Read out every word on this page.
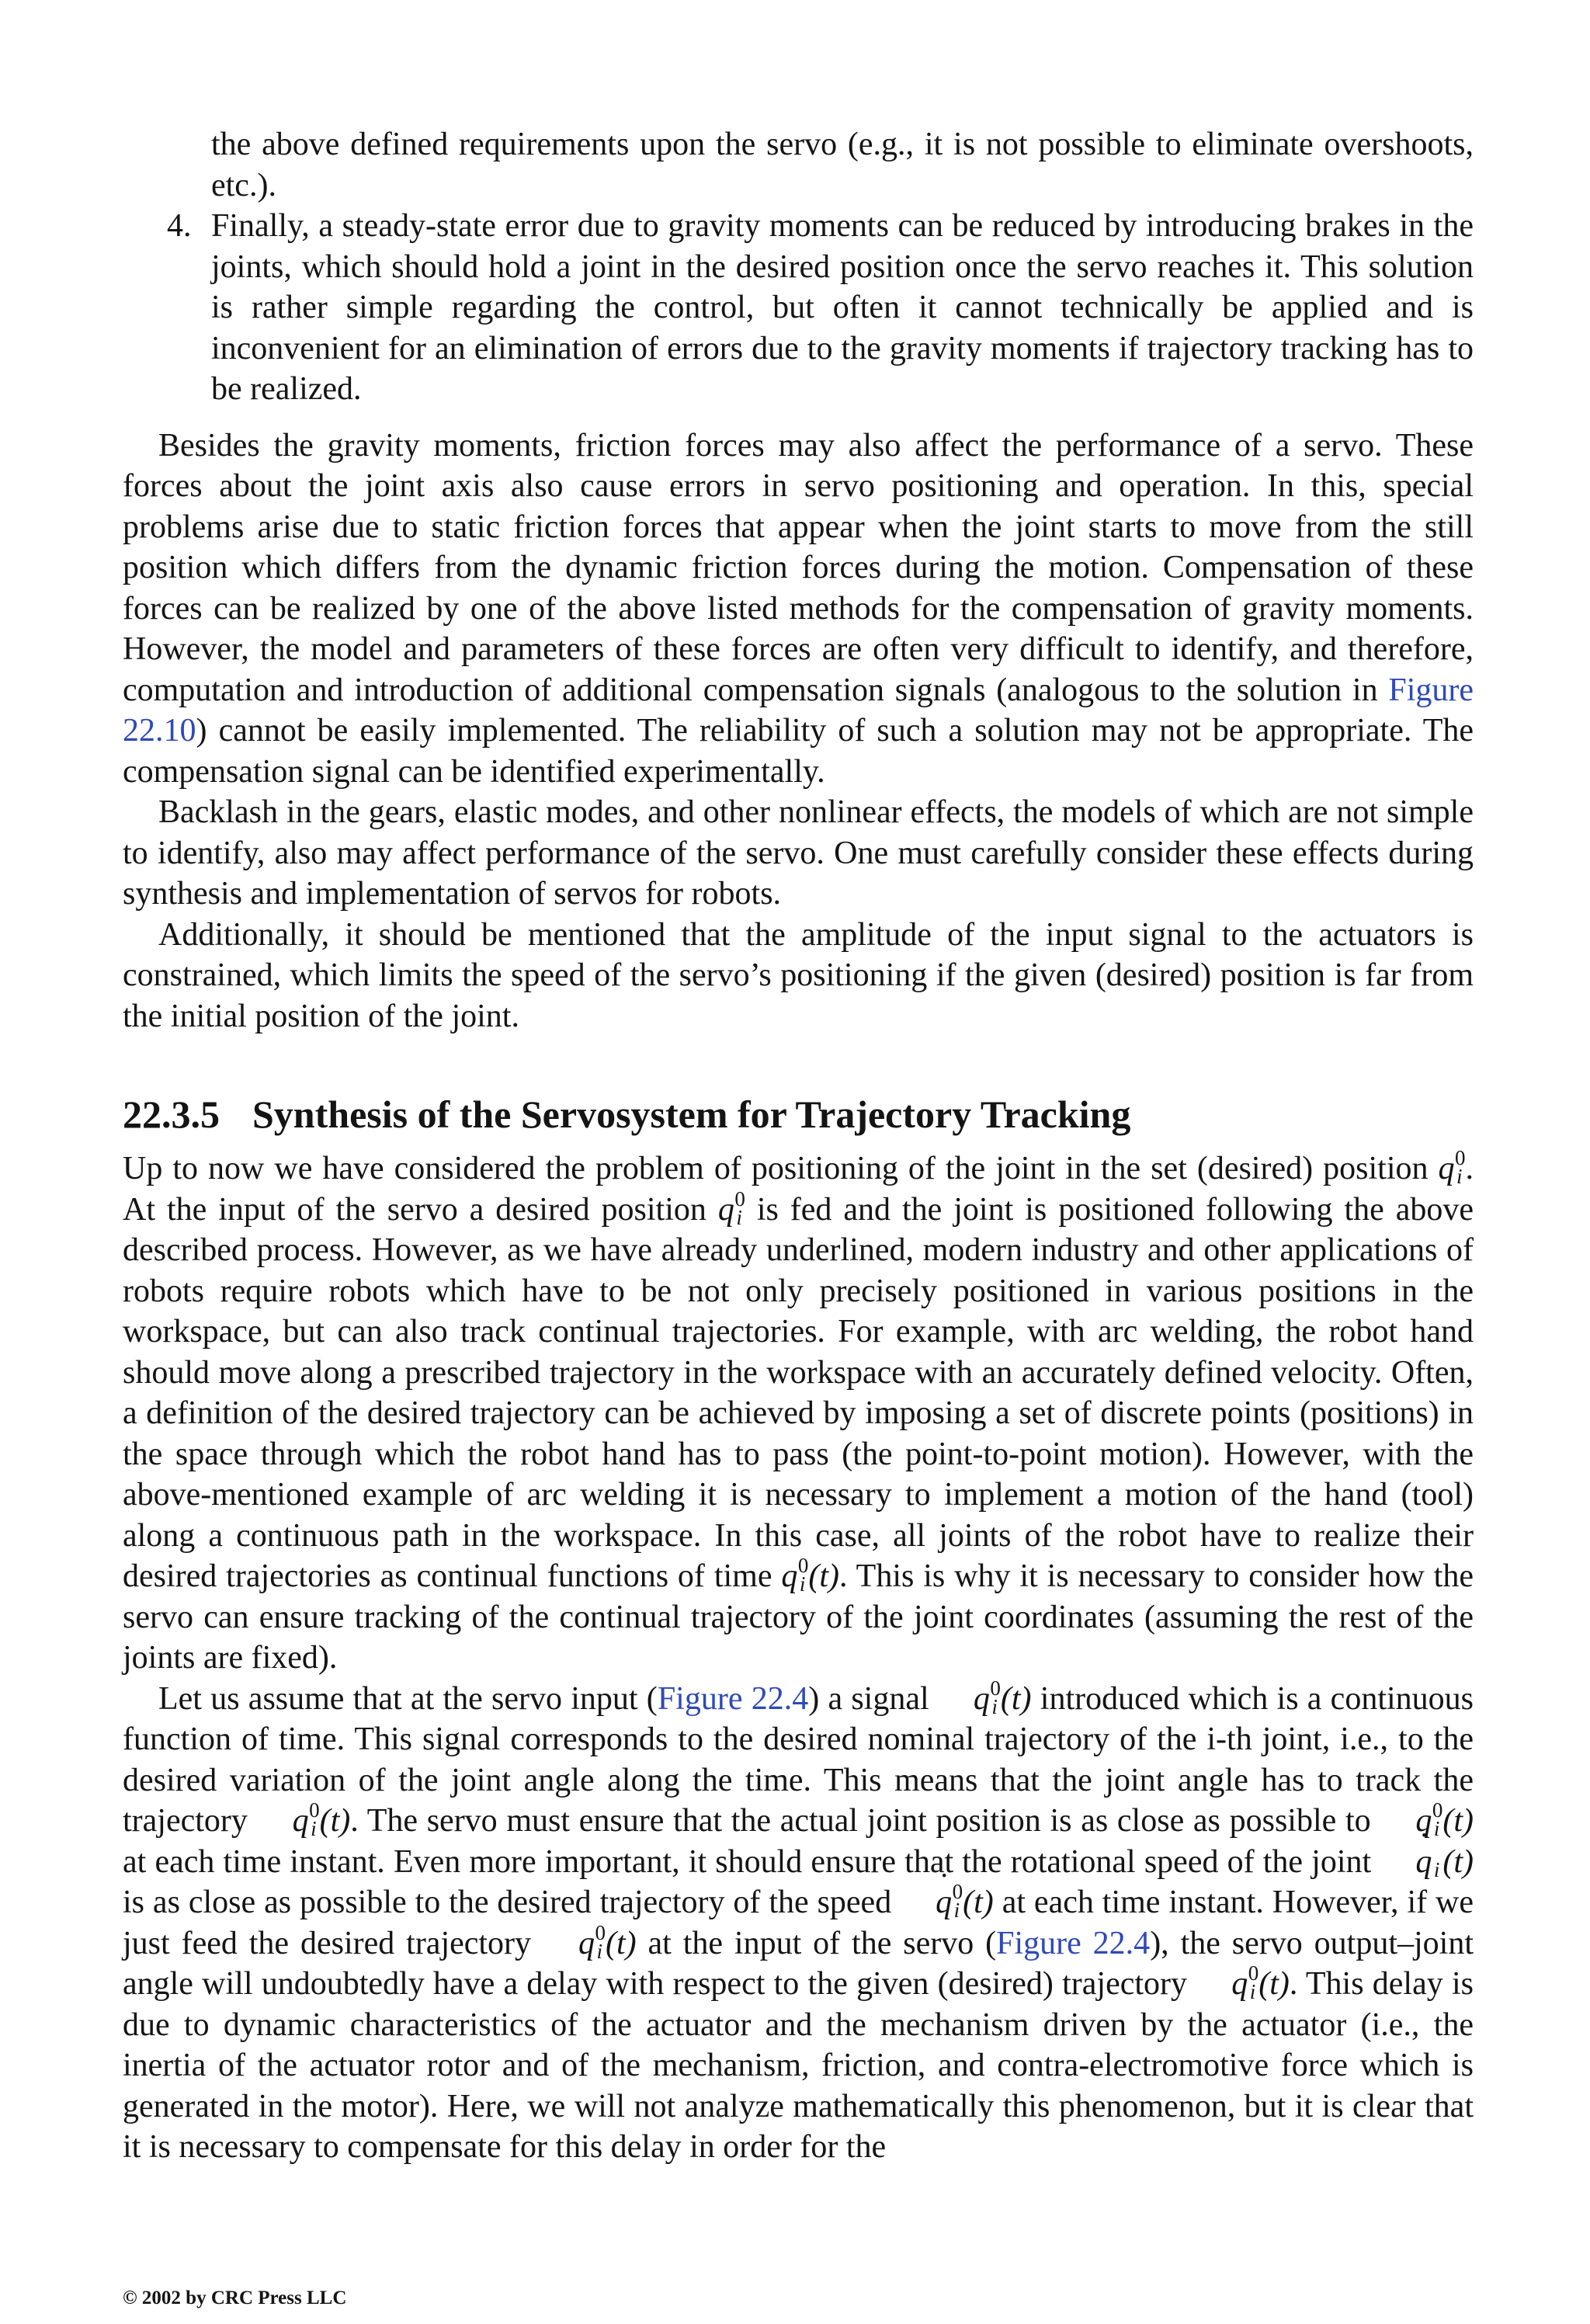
the above defined requirements upon the servo (e.g., it is not possible to eliminate overshoots, etc.).

4. Finally, a steady-state error due to gravity moments can be reduced by introducing brakes in the joints, which should hold a joint in the desired position once the servo reaches it. This solution is rather simple regarding the control, but often it cannot technically be applied and is inconvenient for an elimination of errors due to the gravity moments if trajectory tracking has to be realized.

Besides the gravity moments, friction forces may also affect the performance of a servo. These forces about the joint axis also cause errors in servo positioning and operation. In this, special problems arise due to static friction forces that appear when the joint starts to move from the still position which differs from the dynamic friction forces during the motion. Compensation of these forces can be realized by one of the above listed methods for the compensation of gravity moments. However, the model and parameters of these forces are often very difficult to identify, and therefore, computation and introduction of additional compensation signals (analogous to the solution in Figure 22.10) cannot be easily implemented. The reliability of such a solution may not be appropriate. The compensation signal can be identified experimentally.

Backlash in the gears, elastic modes, and other nonlinear effects, the models of which are not simple to identify, also may affect performance of the servo. One must carefully consider these effects during synthesis and implementation of servos for robots.

Additionally, it should be mentioned that the amplitude of the input signal to the actuators is constrained, which limits the speed of the servo’s positioning if the given (desired) position is far from the initial position of the joint.

22.3.5 Synthesis of the Servosystem for Trajectory Tracking

Up to now we have considered the problem of positioning of the joint in the set (desired) position q 0
i . At the input of the servo a desired position q 0
i is fed and the joint is positioned following the above described process. However, as we have already underlined, modern industry and other applications of robots require robots which have to be not only precisely positioned in various positions in the workspace, but can also track continual trajectories. For example, with arc welding, the robot hand should move along a prescribed trajectory in the workspace with an accurately defined velocity. Often, a definition of the desired trajectory can be achieved by imposing a set of discrete points (positions) in the space through which the robot hand has to pass (the point-to-point motion). However, with the above-mentioned example of arc welding it is necessary to implement a motion of the hand (tool) along a continuous path in the workspace. In this case, all joints of the robot have to realize their desired trajectories as continual functions of time q 0
i (t). This is why it is necessary to consider how the servo can ensure tracking of the continual trajectory of the joint coordinates (assuming the rest of the joints are fixed).

Let us assume that at the servo input (Figure 22.4) a signal q 0
i (t) introduced which is a continuous function of time. This signal corresponds to the desired nominal trajectory of the i-th joint, i.e., to the desired variation of the joint angle along the time. This means that the joint angle has to track the trajectory q 0
i (t). The servo must ensure that the actual joint position is as close as possible to q 0
i (t) at each time instant. Even more important, it should ensure that the rotational speed of the joint ˙ q i (t) is as close as possible to the desired trajectory of the speed ˙ q 0
i (t) at each time instant. However, if we just feed the desired trajectory q 0
i (t) at the input of the servo (Figure 22.4), the servo output–joint angle will undoubtedly have a delay with respect to the given (desired) trajectory q 0
i (t). This delay is due to dynamic characteristics of the actuator and the mechanism driven by the actuator (i.e., the inertia of the actuator rotor and of the mechanism, friction, and contra-electromotive force which is generated in the motor). Here, we will not analyze mathematically this phenomenon, but it is clear that it is necessary to compensate for this delay in order for the

© 2002 by CRC Press LLC
